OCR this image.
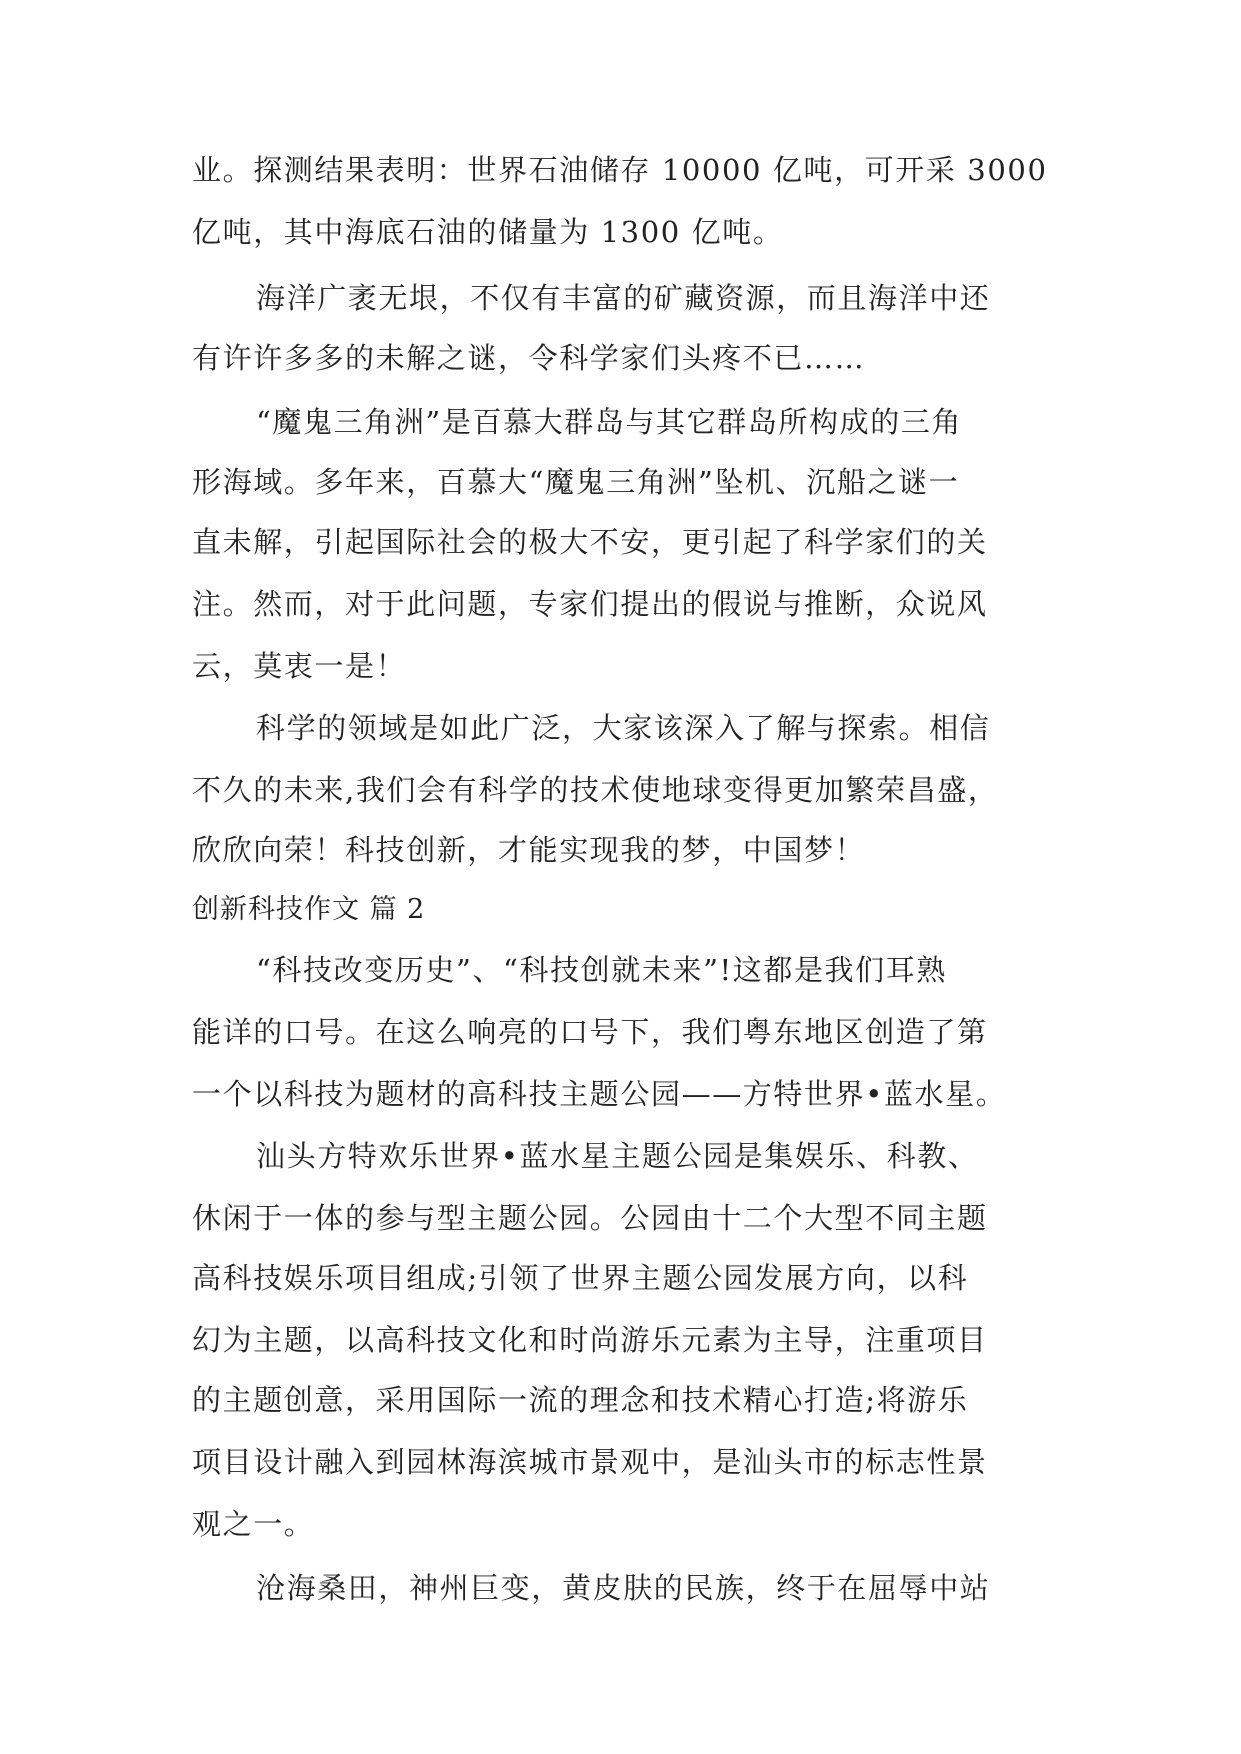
业。探测结果表明：世界石油储存 10000 亿吨，可开采 3000
亿吨，其中海底石油的储量为 1300 亿吨。
海洋广袤无垠，不仅有丰富的矿藏资源，而且海洋中还
有许许多多的未解之谜，令科学家们头疼不已……
“魔鬼三角洲”是百慕大群岛与其它群岛所构成的三角
形海域。多年来，百慕大“魔鬼三角洲”坠机、沉船之谜一
直未解，引起国际社会的极大不安，更引起了科学家们的关
注。然而，对于此问题，专家们提出的假说与推断，众说风
云，莫衷一是！
科学的领域是如此广泛，大家该深入了解与探索。相信
不久的未来,我们会有科学的技术使地球变得更加繁荣昌盛，
欣欣向荣！科技创新，才能实现我的梦，中国梦！
创新科技作文 篇 2
“科技改变历史”、“科技创就未来”!这都是我们耳熟
能详的口号。在这么响亮的口号下，我们粤东地区创造了第
一个以科技为题材的高科技主题公园——方特世界•蓝水星。
汕头方特欢乐世界•蓝水星主题公园是集娱乐、科教、
休闲于一体的参与型主题公园。公园由十二个大型不同主题
高科技娱乐项目组成;引领了世界主题公园发展方向，以科
幻为主题，以高科技文化和时尚游乐元素为主导，注重项目
的主题创意，采用国际一流的理念和技术精心打造;将游乐
项目设计融入到园林海滨城市景观中，是汕头市的标志性景
观之一。
沧海桑田，神州巨变，黄皮肤的民族，终于在屈辱中站
